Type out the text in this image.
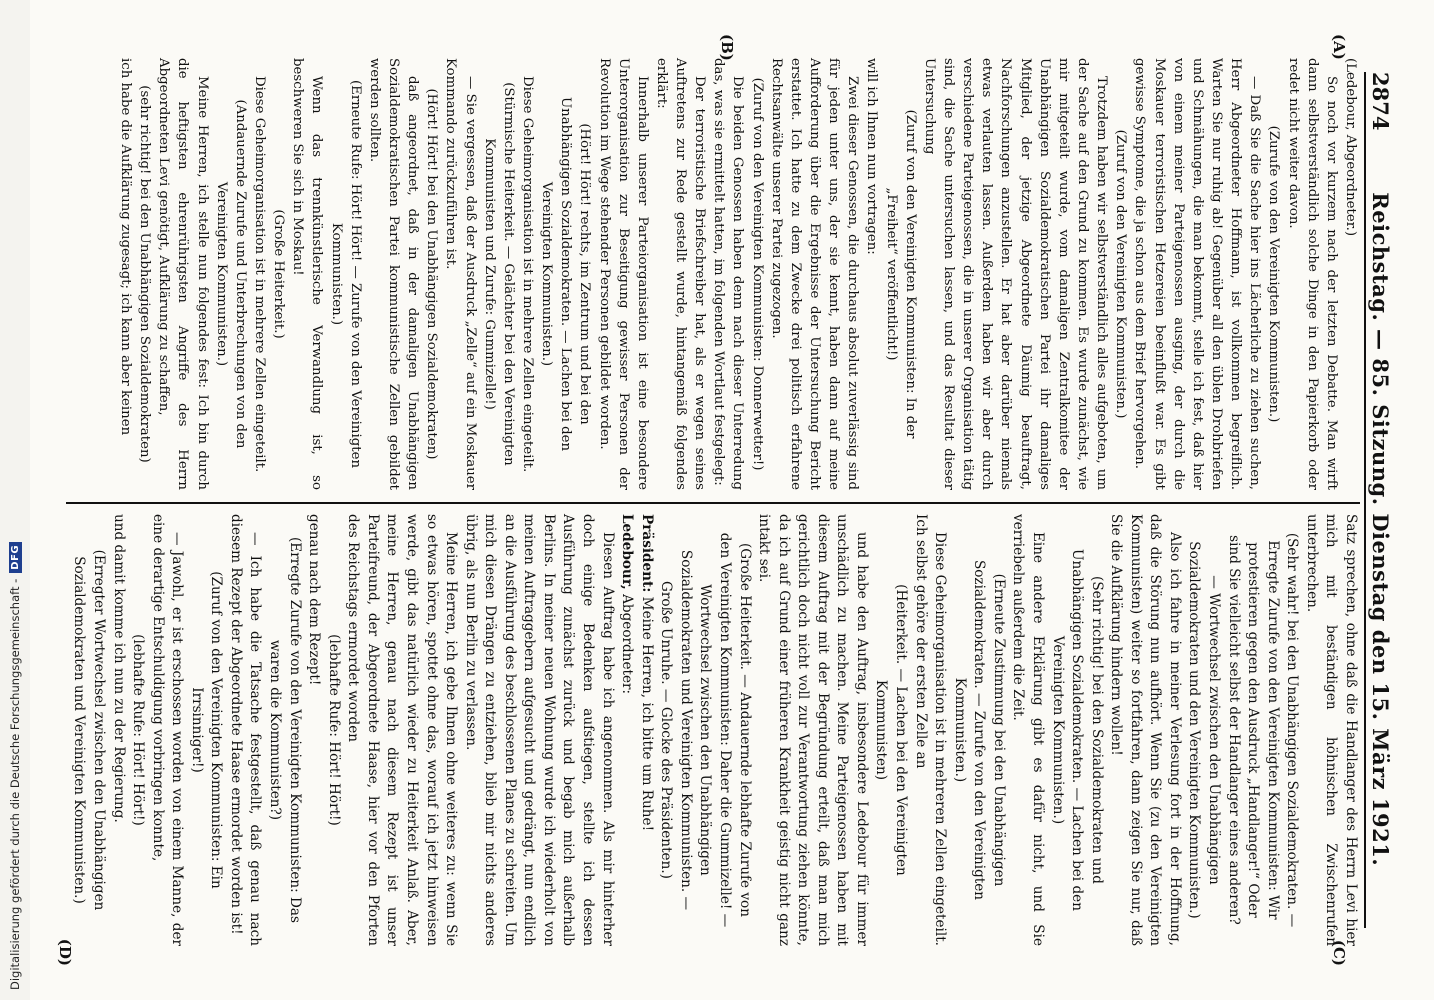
(A)
(B)
(C)
(D)
2874
Reichstag. — 85. Sitzung. Dienstag den 15. März 1921.

(Ledebour, Abgeordneter.)

So noch vor kurzem nach der letzten Debatte. Man wirft dann selbstverständlich solche Dinge in den Papierkorb oder redet nicht weiter davon.

(Zurufe von den Vereinigten Kommunisten.)

— Daß Sie die Sache hier ins Lächerliche zu ziehen suchen, Herr Abgeordneter Hoffmann, ist vollkommen begreiflich. Warten Sie nur ruhig ab! Gegenüber all den üblen Drohbriefen und Schmähungen, die man bekommt, stelle ich fest, daß hier von einem meiner Parteigenossen ausging, der durch die Moskauer terroristischen Hetzereien beeinflußt war. Es gibt gewisse Symptome, die ja schon aus dem Brief hervorgehen.

(Zuruf von den Vereinigten Kommunisten.)

Trotzdem haben wir selbstverständlich alles aufgeboten, um der Sache auf den Grund zu kommen. Es wurde zunächst, wie mir mitgeteilt wurde, vom damaligen Zentralkomitee der Unabhängigen Sozialdemokratischen Partei ihr damaliges Mitglied, der jetzige Abgeordnete Däumig beauftragt, Nachforschungen anzustellen. Er hat aber darüber niemals etwas verlauten lassen. Außerdem haben wir aber durch verschiedene Parteigenossen, die in unserer Organisation tätig sind, die Sache untersuchen lassen, und das Resultat dieser Untersuchung

(Zuruf von den Vereinigten Kommunisten: In der „Freiheit“ veröffentlicht!)

will ich Ihnen nun vortragen:

Zwei dieser Genossen, die durchaus absolut zuverlässig sind für jeden unter uns, der sie kennt, haben dann auf meine Aufforderung über die Ergebnisse der Untersuchung Bericht erstattet. Ich hatte zu dem Zwecke drei politisch erfahrene Rechtsanwälte unserer Partei zugezogen.

(Zuruf von den Vereinigten Kommunisten: Donnerwetter!)

Die beiden Genossen haben denn nach dieser Unterredung das, was sie ermittelt hatten, im folgenden Wortlaut festgelegt:

Der terroristische Briefschreiber hat, als er wegen seines Auftretens zur Rede gestellt wurde, hintangemäß folgendes erklärt:

Innerhalb unserer Parteiorganisation ist eine besondere Unterorganisation zur Beseitigung gewisser Personen der Revolution im Wege stehender Personen gebildet worden.

(Hört! Hört! rechts, im Zentrum und bei den Unabhängigen Sozialdemokraten. — Lachen bei den Vereinigten Kommunisten.)

Diese Geheimorganisation ist in mehrere Zellen eingeteilt.

(Stürmische Heiterkeit. — Gelächter bei den Vereinigten Kommunisten und Zurufe: Gummizelle!)

— Sie vergessen, daß der Ausdruck „Zelle“ auf ein Moskauer Kommando zurückzuführen ist.

(Hört! Hört! bei den Unabhängigen Sozialdemokraten)

daß angeordnet, daß in der damaligen Unabhängigen Sozialdemokratischen Partei kommunistische Zellen gebildet werden sollten.

(Erneute Rufe: Hört! Hört! — Zurufe von den Vereinigten Kommunisten.)

Wenn das trennkünstlerische Verwandlung ist, so beschweren Sie sich in Moskau!

(Große Heiterkeit.)

Diese Geheimorganisation ist in mehrere Zellen eingeteilt.

(Andauernde Zurufe und Unterbrechungen von den Vereinigten Kommunisten.)

Meine Herren, ich stelle nun folgendes fest: Ich bin durch die heftigsten ehrenrührigsten Angriffe des Herrn Abgeordneten Levi genötigt, Aufklärung zu schaffen,

(sehr richtig! bei den Unabhängigen Sozialdemokraten)

ich habe die Aufklärung zugesagt; ich kann aber keinen

Satz sprechen, ohne daß die Handlanger des Herrn Levi hier mich mit beständigen höhnischen Zwischenrufen unterbrechen.

(Sehr wahr! bei den Unabhängigen Sozialdemokraten. — Erregte Zurufe von den Vereinigten Kommunisten: Wir protestieren gegen den Ausdruck „Handlanger!“ Oder sind Sie vielleicht selbst der Handlanger eines anderen? — Wortwechsel zwischen den Unabhängigen Sozialdemokraten und den Vereinigten Kommunisten.)

Also ich fahre in meiner Verlesung fort in der Hoffnung, daß die Störung nun aufhört. Wenn Sie (zu den Vereinigten Kommunisten) weiter so fortfahren, dann zeigen Sie nur, daß Sie die Aufklärung hindern wollen!

(Sehr richtig! bei den Sozialdemokraten und Unabhängigen Sozialdemokraten. — Lachen bei den Vereinigten Kommunisten.)

Eine andere Erklärung gibt es dafür nicht, und Sie verriebeln außerdem die Zeit.

(Erneute Zustimmung bei den Unabhängigen Sozialdemokraten. — Zurufe von den Vereinigten Kommunisten.)

Diese Geheimorganisation ist in mehreren Zellen eingeteilt. Ich selbst gehöre der ersten Zelle an

(Heiterkeit. — Lachen bei den Vereinigten Kommunisten)

und habe den Auftrag, insbesondere Ledebour für immer unschädlich zu machen. Meine Parteigenossen haben mit diesem Auftrag mit der Begründung erteilt, daß man mich gerichtlich doch nicht voll zur Verantwortung ziehen könnte, da ich auf Grund einer früheren Krankheit geistig nicht ganz intakt sei.

(Große Heiterkeit. — Andauernde lebhafte Zurufe von den Vereinigten Kommunisten: Daher die Gummizelle! — Wortwechsel zwischen den Unabhängigen Sozialdemokraten und Vereinigten Kommunisten. — Große Unruhe. — Glocke des Präsidenten.)

Präsident: Meine Herren, ich bitte um Ruhe!

Ledebour, Abgeordneter:

Diesen Auftrag habe ich angenommen. Als mir hinterher doch einige Bedenken aufstiegen, stellte ich dessen Ausführung zunächst zurück und begab mich außerhalb Berlins. In meiner neuen Wohnung wurde ich wiederholt von meinen Auftraggebern aufgesucht und gedrängt, nun endlich an die Ausführung des beschlossenen Planes zu schreiten. Um mich diesen Drängen zu entziehen, blieb mir nichts anderes übrig, als nun Berlin zu verlassen.

Meine Herren, ich gebe Ihnen ohne weiteres zu: wenn Sie so etwas hören, spottet ohne das, worauf ich jetzt hinweisen werde, gibt das natürlich wieder zu Heiterkeit Anlaß. Aber, meine Herren, genau nach diesem Rezept ist unser Parteifreund, der Abgeordnete Haase, hier vor den Pforten des Reichstags ermordet worden

(lebhafte Rufe: Hört! Hört!)

genau nach dem Rezept!

(Erregte Zurufe von den Vereinigten Kommunisten: Das waren die Kommunisten?)

— Ich habe die Tatsache festgestellt, daß genau nach diesem Rezept der Abgeordnete Haase ermordet worden ist!

(Zuruf von den Vereinigten Kommunisten: Ein Irrsinniger!)

— Jawohl, er ist erschossen worden von einem Manne, der eine derartige Entschuldigung vorbringen konnte,

(lebhafte Rufe: Hört! Hört!)

und damit komme ich nun zu der Regierung.

(Erregter Wortwechsel zwischen den Unabhängigen Sozialdemokraten und Vereinigten Kommunisten.)

Digitalisierung gefördert durch die Deutsche Forschungsgemeinschaft -
DFG
